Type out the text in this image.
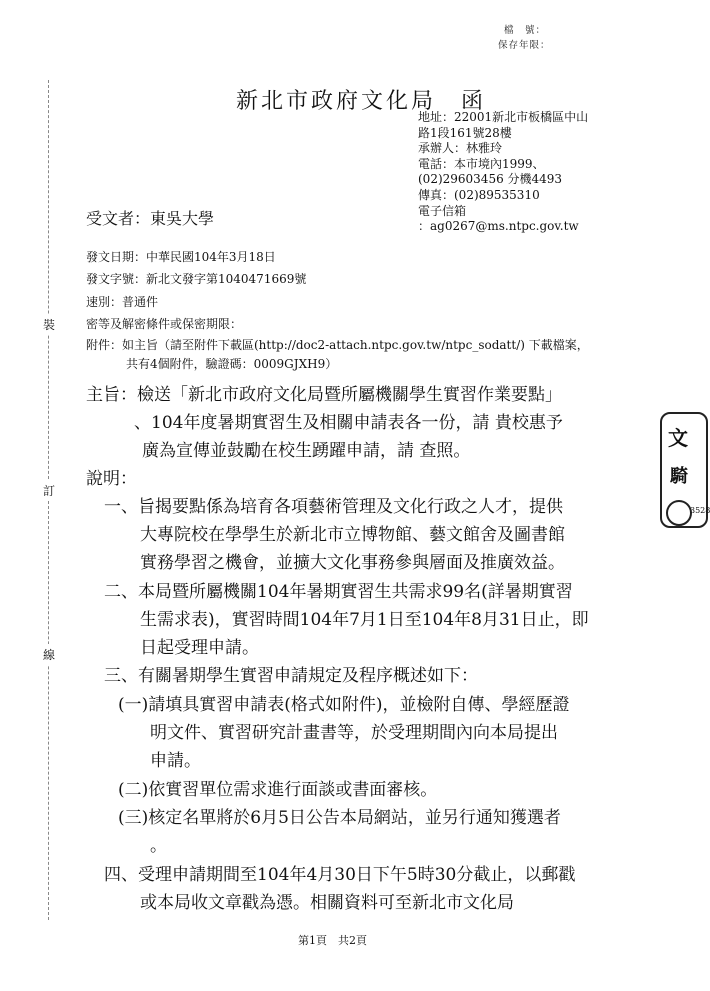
檔　號：
保存年限：
新北市政府文化局　函
地址：22001新北市板橋區中山
路1段161號28樓
承辦人：林雅玲
電話：本市境內1999、
(02)29603456 分機4493
傳真：(02)89535310
電子信箱
：ag0267@ms.ntpc.gov.tw
受文者：東吳大學
發文日期：中華民國104年3月18日
發文字號：新北文發字第1040471669號
速別：普通件
密等及解密條件或保密期限：
附件：如主旨（請至附件下載區(http://doc2-attach.ntpc.gov.tw/ntpc_sodatt/) 下載檔案，
共有4個附件，驗證碼：0009GJXH9）
主旨：檢送「新北市政府文化局暨所屬機關學生實習作業要點」
、104年度暑期實習生及相關申請表各一份，請 貴校惠予
廣為宣傳並鼓勵在校生踴躍申請，請 查照。
說明：
一、旨揭要點係為培育各項藝術管理及文化行政之人才，提供
大專院校在學學生於新北市立博物館、藝文館舍及圖書館
實務學習之機會，並擴大文化事務參與層面及推廣效益。
二、本局暨所屬機關104年暑期實習生共需求99名(詳暑期實習
生需求表)，實習時間104年7月1日至104年8月31日止，即
日起受理申請。
三、有關暑期學生實習申請規定及程序概述如下：
(一)請填具實習申請表(格式如附件)，並檢附自傳、學經歷證
明文件、實習研究計畫書等，於受理期間內向本局提出
申請。
(二)依實習單位需求進行面談或書面審核。
(三)核定名單將於6月5日公告本局網站，並另行通知獲選者
。
四、受理申請期間至104年4月30日下午5時30分截止，以郵戳
或本局收文章戳為憑。相關資料可至新北市文化局
裝
訂
線
文
騎
3528
第1頁　共2頁
